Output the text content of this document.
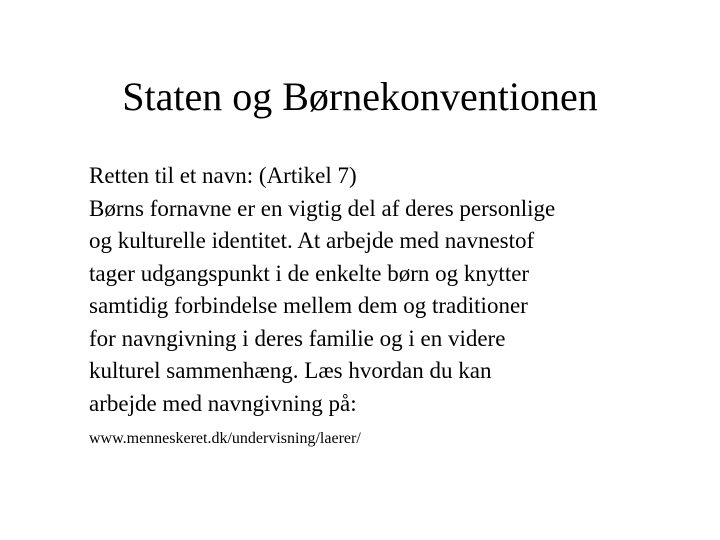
Staten og Børnekonventionen

Retten til et navn: (Artikel 7)

Børns fornavne er en vigtig del af deres personlige
og kulturelle identitet. At arbejde med navnestof
tager udgangspunkt i de enkelte børn og knytter
samtidig forbindelse mellem dem og traditioner
for navngivning i deres familie og i en videre
kulturel sammenhæng. Læs hvordan du kan
arbejde med navngivning på:

www.menneskeret.dk/undervisning/laerer/
